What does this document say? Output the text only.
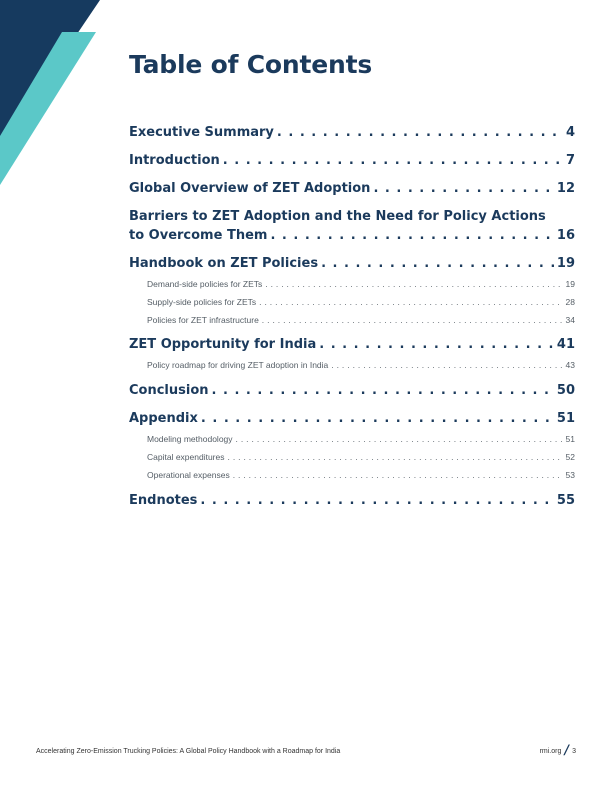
Table of Contents
Executive Summary . . .	4
Introduction . . .	7
Global Overview of ZET Adoption . . .	12
Barriers to ZET Adoption and the Need for Policy Actions
to Overcome Them . . .	16
Handbook on ZET Policies . . .	19
Demand-side policies for ZETs . . .	19
Supply-side policies for ZETs . . .	28
Policies for ZET infrastructure . . .	34
ZET Opportunity for India . . .	41
Policy roadmap for driving ZET adoption in India . . .	43
Conclusion . . .	50
Appendix . . .	51
Modeling methodology . . .	51
Capital expenditures . . .	52
Operational expenses . . .	53
Endnotes . . .	55
Accelerating Zero-Emission Trucking Policies: A Global Policy Handbook with a Roadmap for India	rmi.org / 3
